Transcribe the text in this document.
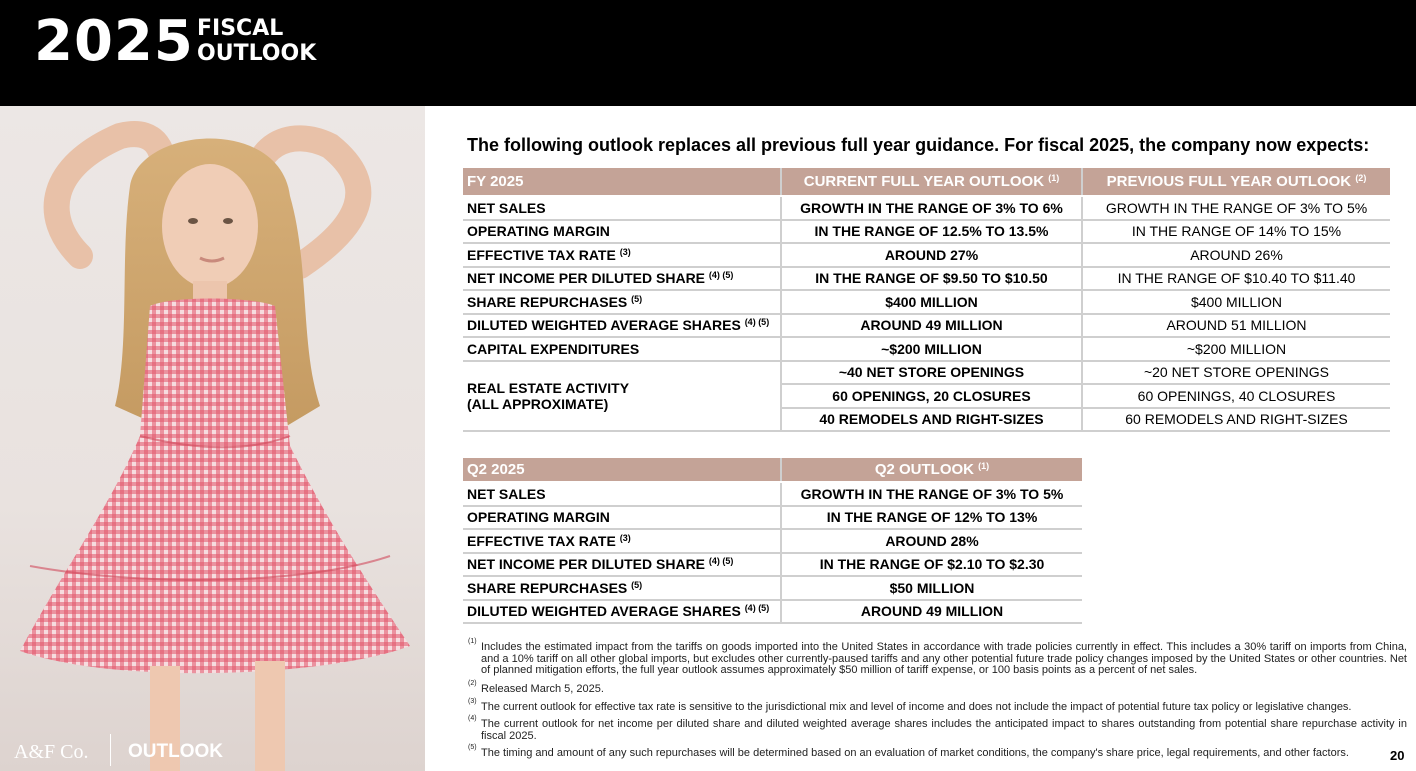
2025 FISCAL
OUTLOOK
A&F Co. OUTLOOK
The following outlook replaces all previous full year guidance. For fiscal 2025, the company now expects:
FY 2025	CURRENT FULL YEAR OUTLOOK $^{(1)}$	PREVIOUS FULL YEAR OUTLOOK $^{(2)}$
NET SALES	GROWTH IN THE RANGE OF 3% TO 6%	GROWTH IN THE RANGE OF 3% TO 5%
OPERATING MARGIN	IN THE RANGE OF 12.5% TO 13.5%	IN THE RANGE OF 14% TO 15%
EFFECTIVE TAX RATE $^{(3)}$	AROUND 27%	AROUND 26%
NET INCOME PER DILUTED SHARE $^{(4) (5)}$	IN THE RANGE OF $9.50 TO $10.50	IN THE RANGE OF $10.40 TO $11.40
SHARE REPURCHASES $^{(5)}$	$400 MILLION	$400 MILLION
DILUTED WEIGHTED AVERAGE SHARES $^{(4) (5)}$	AROUND 49 MILLION	AROUND 51 MILLION
CAPITAL EXPENDITURES	~$200 MILLION	~$200 MILLION

REAL ESTATE ACTIVITY
(ALL APPROXIMATE)	~40 NET STORE OPENINGS	~20 NET STORE OPENINGS
	60 OPENINGS, 20 CLOSURES	60 OPENINGS, 40 CLOSURES
	40 REMODELS AND RIGHT-SIZES	60 REMODELS AND RIGHT-SIZES
Q2 2025	Q2 OUTLOOK $^{(1)}$
NET SALES	GROWTH IN THE RANGE OF 3% TO 5%
OPERATING MARGIN	IN THE RANGE OF 12% TO 13%
EFFECTIVE TAX RATE $^{(3)}$	AROUND 28%
NET INCOME PER DILUTED SHARE $^{(4) (5)}$	IN THE RANGE OF $2.10 TO $2.30
SHARE REPURCHASES $^{(5)}$	$50 MILLION
DILUTED WEIGHTED AVERAGE SHARES $^{(4) (5)}$	AROUND 49 MILLION
(1) Includes the estimated impact from the tariffs on goods imported into the United States in accordance with trade policies currently in effect. This includes a 30% tariff on imports from China, and a 10% tariff on all other global imports, but excludes other currently-paused tariffs and any other potential future trade policy changes imposed by the United States or other countries. Net of planned mitigation efforts, the full year outlook assumes approximately $50 million of tariff expense, or 100 basis points as a percent of net sales.
(2) Released March 5, 2025.
(3) The current outlook for effective tax rate is sensitive to the jurisdictional mix and level of income and does not include the impact of potential future tax policy or legislative changes.
(4) The current outlook for net income per diluted share and diluted weighted average shares includes the anticipated impact to shares outstanding from potential share repurchase activity in fiscal 2025.
(5) The timing and amount of any such repurchases will be determined based on an evaluation of market conditions, the company's share price, legal requirements, and other factors.	20
